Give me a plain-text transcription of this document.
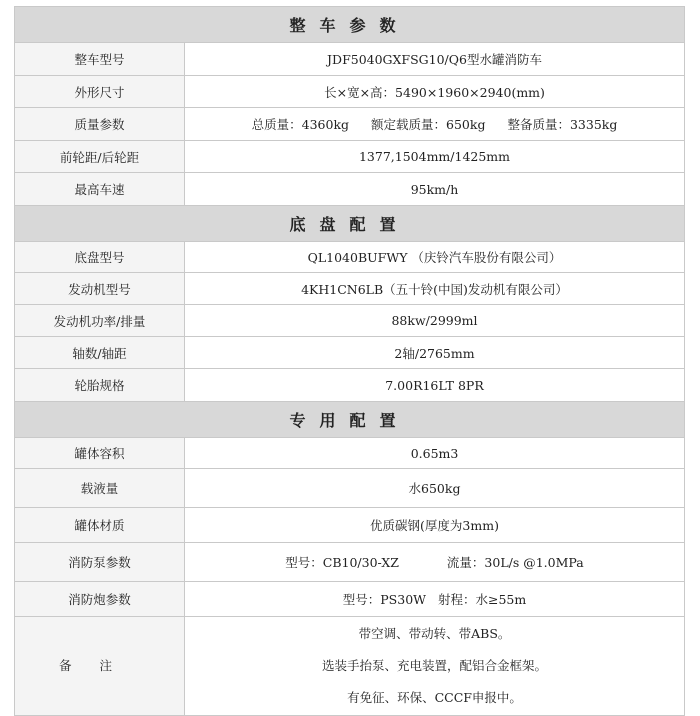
整车参数	
整车型号	JDF5040GXFSG10/Q6型水罐消防车
外形尺寸	长×宽×高：5490×1960×2940(mm)
质量参数	总质量：4360kg 额定载质量：650kg 整备质量：3335kg
前轮距/后轮距	1377,1504mm/1425mm
最高车速	95km/h
底盘配置	
底盘型号	QL1040BUFWY （庆铃汽车股份有限公司）
发动机型号	4KH1CN6LB（五十铃(中国)发动机有限公司）
发动机功率/排量	88kw/2999ml
轴数/轴距	2轴/2765mm
轮胎规格	7.00R16LT 8PR
专用配置	
罐体容积	0.65m3
载液量	水650kg
罐体材质	优质碳钢(厚度为3mm)
消防泵参数	型号：CB10/30-XZ 流量：30L/s @1.0MPa
消防炮参数	型号：PS30W 射程：水≥55m
备注	带空调、带动转、带ABS。
选装手抬泵、充电装置，配铝合金框架。
有免征、环保、CCCF申报中。
